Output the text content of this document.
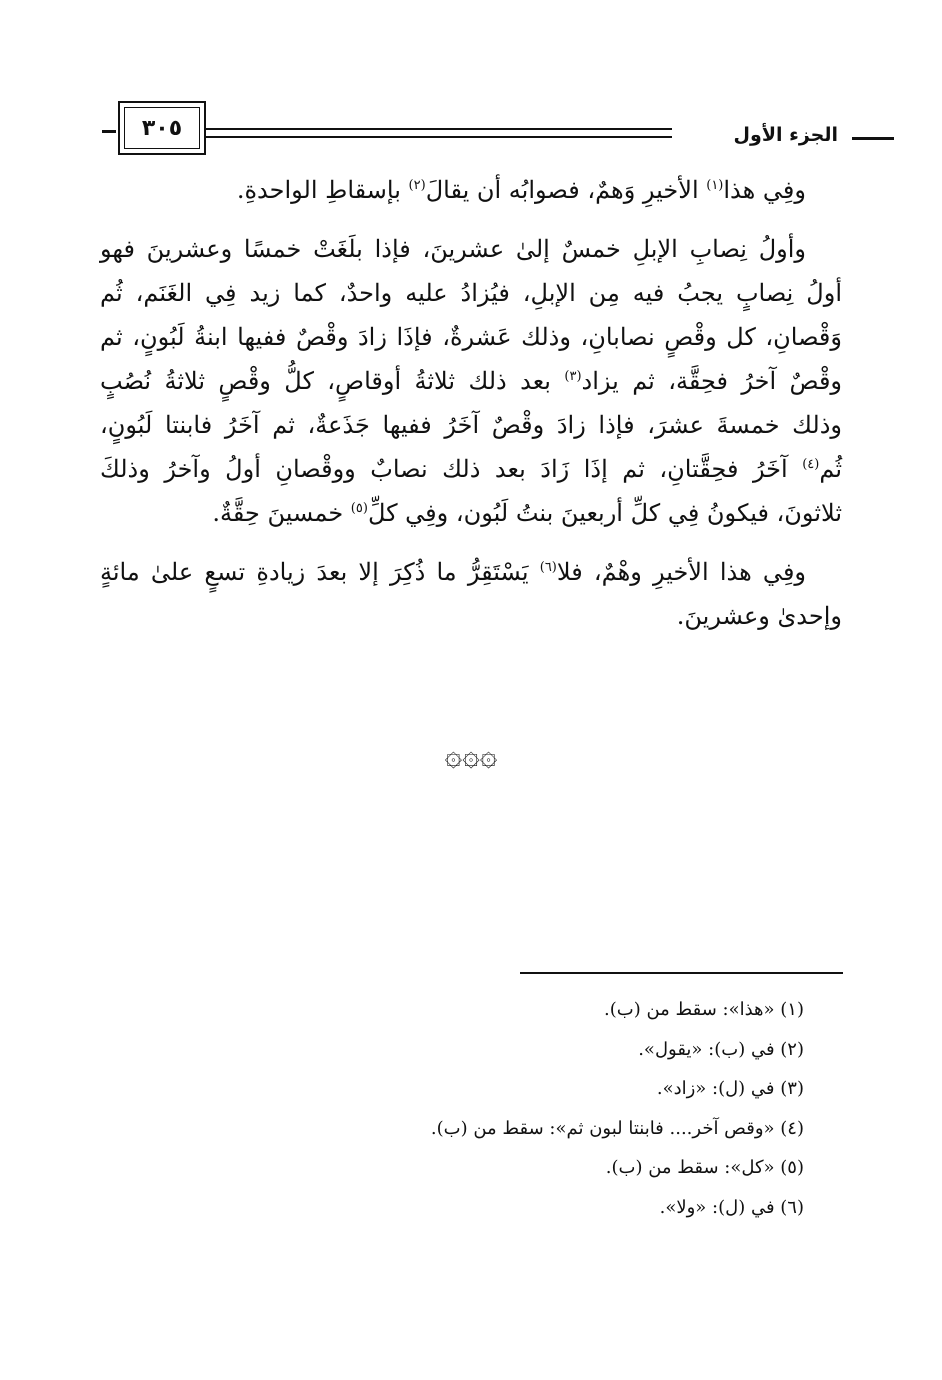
الجزء الأول
٣٠٥
وفِي هذا$^{(١)}$ الأخيرِ وَهمٌ، فصوابُه أن يقالَ$^{(٢)}$ بإسقاطِ الواحدةِ.
وأولُ نِصابِ الإبلِ خمسٌ إلىٰ عشرينَ، فإذا بلَغَتْ خمسًا وعشرينَ فهو
أولُ نِصابٍ يجبُ فيه مِن الإبلِ، فيُزادُ عليه واحدٌ، كما زيد فِي الغَنَم، ثُم
وَقْصانِ، كل وقْصٍ نصابانِ، وذلك عَشرةٌ، فإذَا زادَ وقْصٌ ففيها ابنةُ لَبُونٍ، ثم
وقْصٌ آخرُ فحِقَّة، ثم يزاد$^{(٣)}$ بعد ذلك ثلاثةُ أوقاصٍ، كلُّ وقْصٍ ثلاثةُ نُصُبٍ
وذلك خمسةَ عشرَ، فإذا زادَ وقْصٌ آخَرُ ففيها جَذَعةٌ، ثم آخَرُ فابنتا لَبُونٍ،
ثُم$^{(٤)}$ آخَرُ فحِقَّتانِ، ثم إذَا زَادَ بعد ذلك نصابٌ ووقْصانِ أولُ وآخرُ وذلكَ
ثلاثونَ، فيكونُ فِي كلِّ أربعينَ بنتُ لَبُون، وفِي كلِّ$^{(٥)}$ خمسينَ حِقَّةٌ.
وفِي هذا الأخيرِ وهْمٌ، فلا$^{(٦)}$ يَسْتَقِرُّ ما ذُكِرَ إلا بعدَ زيادةِ تسعٍ علىٰ مائةٍ
وإحدىٰ وعشرينَ.
۞۞۞
(١) «هذا»: سقط من (ب).
(٢) في (ب): «يقول».
(٣) في (ل): «زاد».
(٤) «وقص آخر.... فابنتا لبون ثم»: سقط من (ب).
(٥) «كل»: سقط من (ب).
(٦) في (ل): «ولا».
